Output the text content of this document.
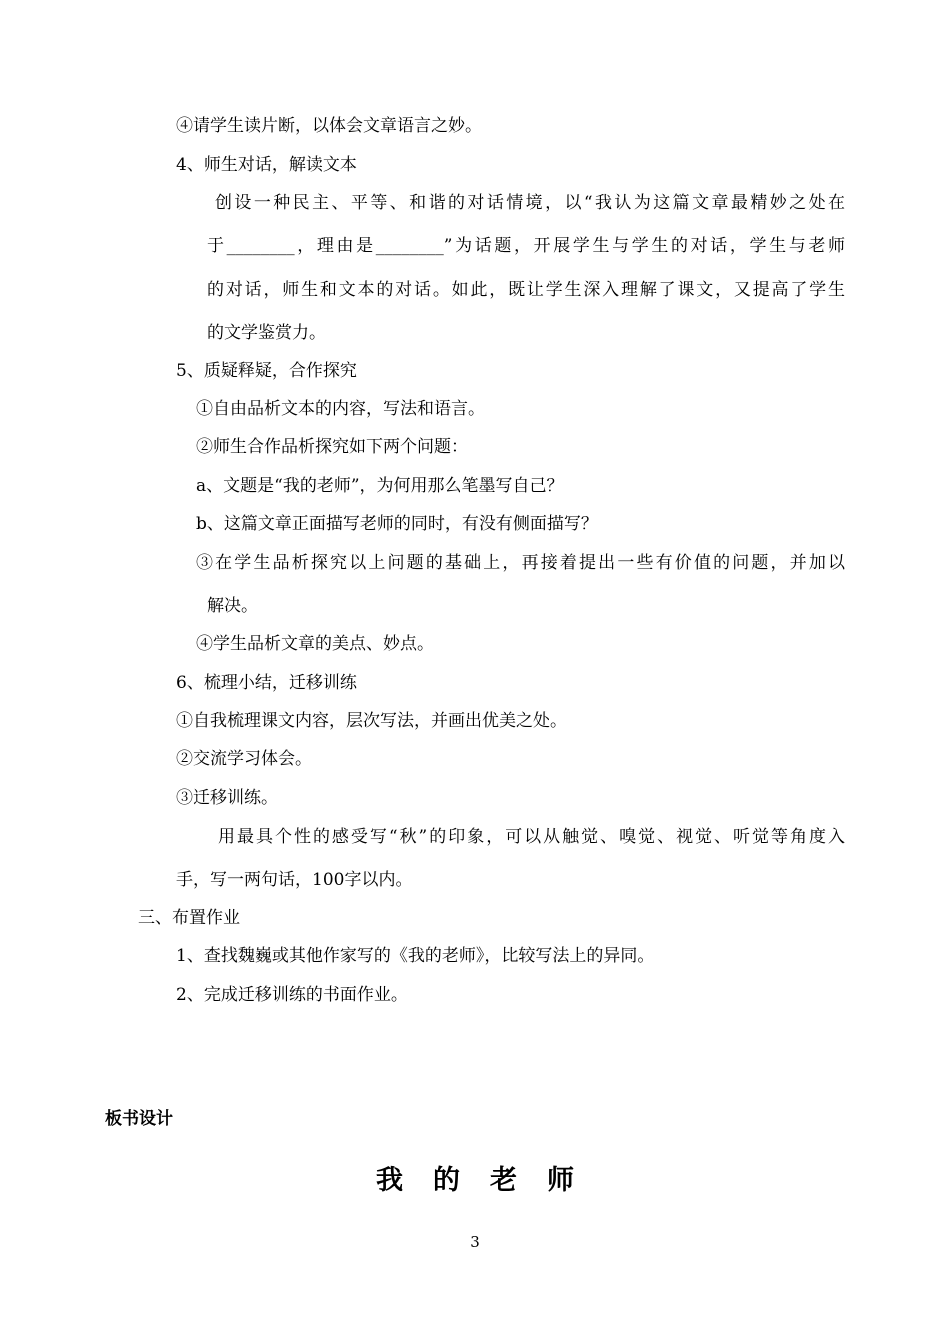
④请学生读片断，以体会文章语言之妙。
4、师生对话，解读文本
创设一种民主、平等、和谐的对话情境，以“我认为这篇文章最精妙之处在
于________，理由是________”为话题，开展学生与学生的对话，学生与老师
的对话，师生和文本的对话。如此，既让学生深入理解了课文，又提高了学生
的文学鉴赏力。
5、质疑释疑，合作探究
①自由品析文本的内容，写法和语言。
②师生合作品析探究如下两个问题：
a、文题是“我的老师”，为何用那么笔墨写自己？
b、这篇文章正面描写老师的同时，有没有侧面描写？
③在学生品析探究以上问题的基础上，再接着提出一些有价值的问题，并加以
解决。
④学生品析文章的美点、妙点。
6、梳理小结，迁移训练
①自我梳理课文内容，层次写法，并画出优美之处。
②交流学习体会。
③迁移训练。
用最具个性的感受写“秋”的印象，可以从触觉、嗅觉、视觉、听觉等角度入
手，写一两句话，100字以内。
三、布置作业
1、查找魏巍或其他作家写的《我的老师》，比较写法上的异同。
2、完成迁移训练的书面作业。
板书设计
我的老师
3
